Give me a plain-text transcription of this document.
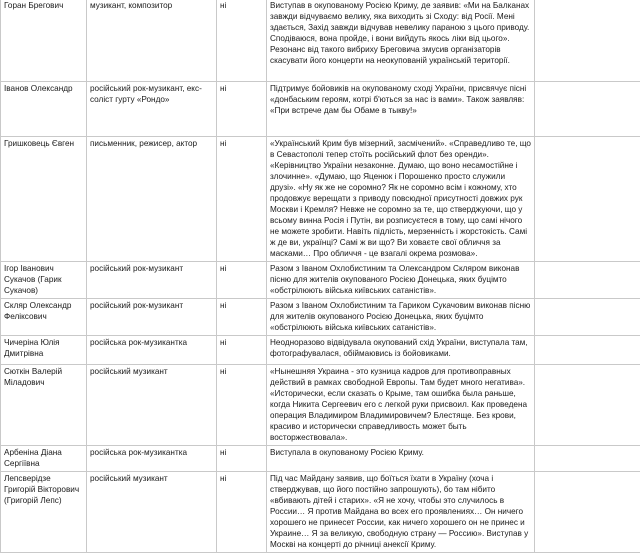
Горан Брегович	музикант, композитор	ні	Виступав в окупованому Росією Криму, де заявив: «Ми на Балканах завжди відчуваємо велику, яка виходить зі Сходу: від Росії. Мені здається, Захід завжди відчував невелику параною з цього приводу. Сподіваюся, вона пройде, і вони вийдуть якось ліки від цього». Резонанс від такого вибриху Бреговича змусив організаторів скасувати його концерти на неокупованій українській території.	

Іванов Олександр	російський рок-музикант, екс-соліст гурту «Рондо»	ні	Підтримує бойовиків на окупованому сході України, присвячує пісні «донбаським героям, котрі б'ються за нас із вами». Також заявляв: «При встрече дам бы Обаме в тыкву!»	

Гришковець Євген	письменник, режисер, актор	ні	«Український Крим був мізерний, засмічений». «Справедливо те, що в Севастополі тепер стоїть російський флот без оренди». «Керівництво України незаконне. Думаю, що воно несамостійне і злочинне». «Думаю, що Яценюк і Порошенко просто служили друзі». «Ну як же не соромно? Як не соромно всім і кожному, хто продовжує верещати з приводу повсюдної присутності довжих рук Москви і Кремля? Невже не соромно за те, що стверджуючи, що у всьому винна Росія і Путін, ви розписуєтеся в тому, що самі нічого не можете зробити. Навіть підлість, мерзенність і жорстокість. Самі ж де ви, українці? Самі ж ви що? Ви ховаєте свої обличчя за масками… Про обличчя - це взагалі окрема розмова».	

Ігор Іванович Сукачов (Гарик Сукачов)	російський рок-музикант	ні	Разом з Іваном Охлобистиним та Олександром Скляром виконав пісню для жителів окупованого Росією Донецька, яких буцімто «обстрілюють війська київських сатаністів».	

Скляр Олександр Феліксович	російський рок-музикант	ні	Разом з Іваном Охлобистиним та Гариком Сукачовим виконав пісню для жителів окупованого Росією Донецька, яких буцімто «обстрілюють війська київських сатаністів».	

Чичеріна Юлія Дмитрівна	російська рок-музикантка	ні	Неодноразово відвідувала окупований схід України, виступала там, фотографувалася, обіймаювись із бойовиками.	

Сюткін Валерій Міладович	російський музикант	ні	«Нынешняя Украина - это кузница кадров для противоправных действий в рамках свободной Европы. Там будет много негатива». «Исторически, если сказать о Крыме, там ошибка была раньше, когда Никита Сергеевич его с легкой руки присвоил. Как проведена операция Владимиром Владимировичем? Блестяще. Без крови, красиво и исторически справедливость может быть восторжествовала».	

Арбеніна Діана Сергіївна	російська рок-музикантка	ні	Виступала в окупованому Росією Криму.	

Лепсверідзе Григорій Вікторович (Григорій Лепс)	російський музикант	ні	Під час Майдану заявив, що боїться їхати в Україну (хоча і стверджував, що його постійно запрошують), бо там нібито «вбивають дітей і старих». «Я не хочу, чтобы это случилось в России… Я против Майдана во всех его проявлениях… Он ничего хорошего не принесет России, как ничего хорошего он не принес и Украине… Я за великую, свободную страну — Россию». Виступав у Москві на концерті до річниці анексії Криму.	
